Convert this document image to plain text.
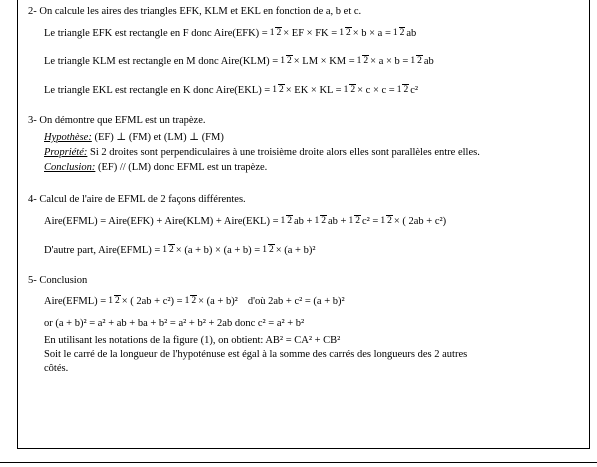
2- On calcule les aires des triangles EFK, KLM et EKL en fonction de a, b et c.
Le triangle EFK est rectangle en F donc Aire(EFK) = 1 2 × EF × FK = 1 2 × b × a = 1 2 ab
Le triangle KLM est rectangle en M donc Aire(KLM) = 1 2 × LM × KM = 1 2 × a × b = 1 2 ab
Le triangle EKL est rectangle en K donc Aire(EKL) = 1 2 × EK × KL = 1 2 × c × c = 1 2 c²
3- On démontre que EFML est un trapèze.
Hypothèse: (EF) ⊥ (FM) et (LM) ⊥ (FM)
Propriété: Si 2 droites sont perpendiculaires à une troisième droite alors elles sont parallèles entre elles.
Conclusion: (EF) // (LM) donc EFML est un trapèze.
4- Calcul de l'aire de EFML de 2 façons différentes.
Aire(EFML) = Aire(EFK) + Aire(KLM) + Aire(EKL) = 1 2 ab + 1 2 ab + 1 2 c² = 1 2 × ( 2ab + c²)
D'autre part, Aire(EFML) = 1 2 × (a + b) × (a + b) = 1 2 × (a + b)²
5- Conclusion
Aire(EFML) = 1 2 × ( 2ab + c²) = 1 2 × (a + b)² d'où 2ab + c² = (a + b)²
or (a + b)² = a² + ab + ba + b² = a² + b² + 2ab donc c² = a² + b²
En utilisant les notations de la figure (1), on obtient: AB² = CA² + CB²
Soit le carré de la longueur de l'hypoténuse est égal à la somme des carrés des longueurs des 2 autres
côtés.
